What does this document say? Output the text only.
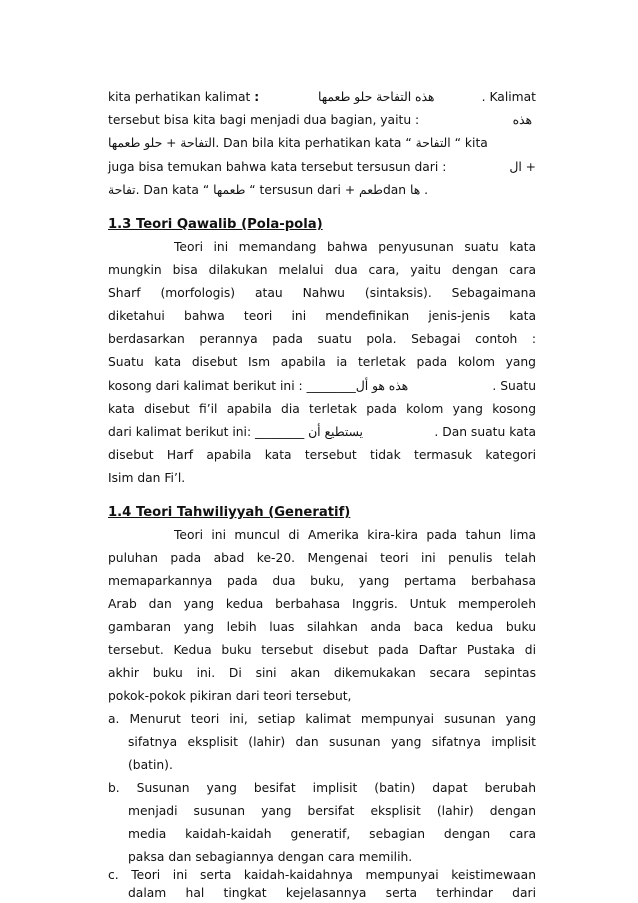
kita perhatikan kalimat :	هذه التفاحة حلو طعمها	. Kalimat
tersebut bisa kita bagi menjadi dua bagian, yaitu :	هذه
التفاحة + حلو طعمها. Dan bila kita perhatikan kata “ التفاحة “ kita
juga bisa temukan bahwa kata tersebut tersusun dari :	+ ال
تفاحة. Dan kata “ طعمها “ tersusun dari + طعمdan ها .
1.3 Teori Qawalib (Pola-pola)
Teori ini memandang bahwa penyusunan suatu kata
mungkin bisa dilakukan melalui dua cara, yaitu dengan cara
Sharf (morfologis) atau Nahwu (sintaksis). Sebagaimana
diketahui bahwa teori ini mendefinikan jenis-jenis kata
berdasarkan perannya pada suatu pola. Sebagai contoh :
Suatu kata disebut Ism apabila ia terletak pada kolom yang
kosong dari kalimat berikut ini : ________هذه هو أل	. Suatu
kata disebut fi’il apabila dia terletak pada kolom yang kosong
dari kalimat berikut ini: ________ يستطيع أن	. Dan suatu kata
disebut Harf apabila kata tersebut tidak termasuk kategori
Isim dan Fi’l.
1.4 Teori Tahwiliyyah (Generatif)
Teori ini muncul di Amerika kira-kira pada tahun lima
puluhan pada abad ke-20. Mengenai teori ini penulis telah
memaparkannya pada dua buku, yang pertama berbahasa
Arab dan yang kedua berbahasa Inggris. Untuk memperoleh
gambaran yang lebih luas silahkan anda baca kedua buku
tersebut. Kedua buku tersebut disebut pada Daftar Pustaka di
akhir buku ini. Di sini akan dikemukakan secara sepintas
pokok-pokok pikiran dari teori tersebut,
a. Menurut teori ini, setiap kalimat mempunyai susunan yang
sifatnya eksplisit (lahir) dan susunan yang sifatnya implisit
(batin).
b. Susunan yang besifat implisit (batin) dapat berubah
menjadi susunan yang bersifat eksplisit (lahir) dengan
media kaidah-kaidah generatif, sebagian dengan cara
paksa dan sebagiannya dengan cara memilih.
c. Teori ini serta kaidah-kaidahnya mempunyai keistimewaan
dalam hal tingkat kejelasannya serta terhindar dari
